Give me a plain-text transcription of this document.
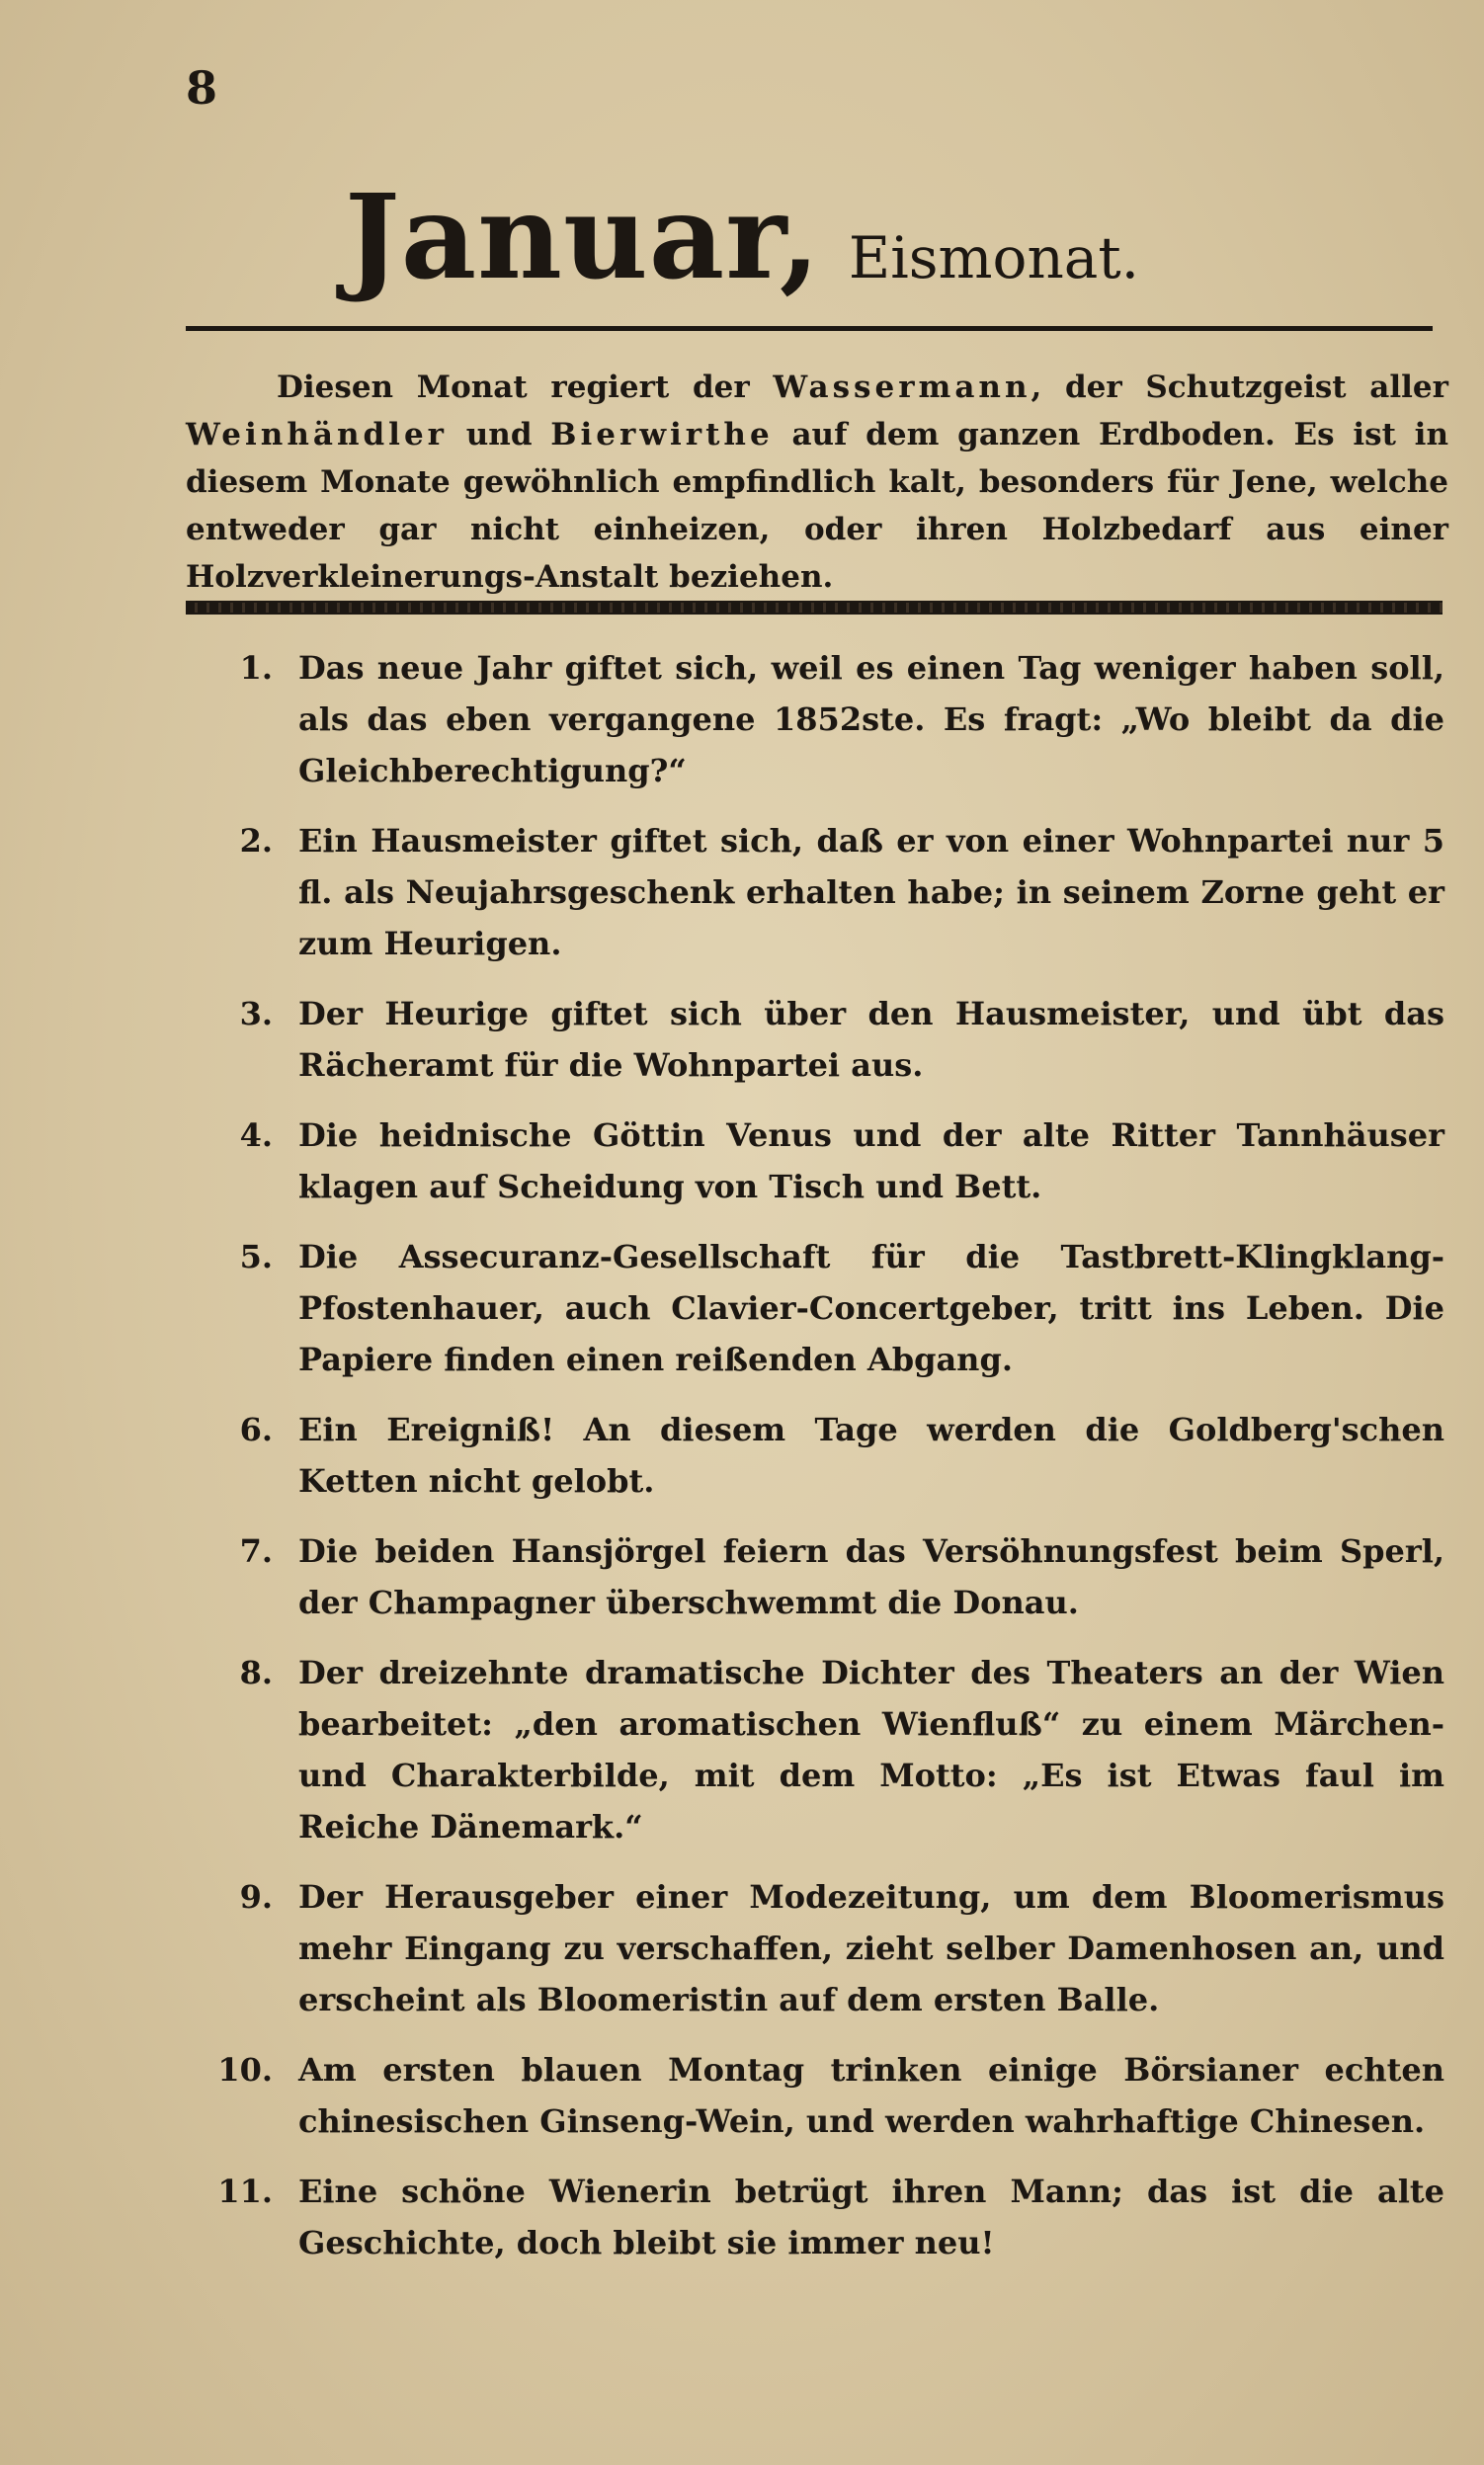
8
Januar, Eismonat.
Diesen Monat regiert der Wassermann, der Schutzgeist aller Weinhändler und Bierwirthe auf dem ganzen Erdboden. Es ist in diesem Monate gewöhnlich empfindlich kalt, besonders für Jene, welche entweder gar nicht einheizen, oder ihren Holzbedarf aus einer Holzverkleinerungs-Anstalt beziehen.
1. Das neue Jahr giftet sich, weil es einen Tag weniger haben soll, als das eben vergangene 1852ste. Es fragt: „Wo bleibt da die Gleichberechtigung?“
2. Ein Hausmeister giftet sich, daß er von einer Wohnpartei nur 5 fl. als Neujahrsgeschenk erhalten habe; in seinem Zorne geht er zum Heurigen.
3. Der Heurige giftet sich über den Hausmeister, und übt das Rächeramt für die Wohnpartei aus.
4. Die heidnische Göttin Venus und der alte Ritter Tannhäuser klagen auf Scheidung von Tisch und Bett.
5. Die Assecuranz-Gesellschaft für die Tastbrett-Klingklang-Pfostenhauer, auch Clavier-Concertgeber, tritt ins Leben. Die Papiere finden einen reißenden Abgang.
6. Ein Ereigniß! An diesem Tage werden die Goldberg'schen Ketten nicht gelobt.
7. Die beiden Hansjörgel feiern das Versöhnungsfest beim Sperl, der Champagner überschwemmt die Donau.
8. Der dreizehnte dramatische Dichter des Theaters an der Wien bearbeitet: „den aromatischen Wienfluß“ zu einem Märchen- und Charakterbilde, mit dem Motto: „Es ist Etwas faul im Reiche Dänemark.“
9. Der Herausgeber einer Modezeitung, um dem Bloomerismus mehr Eingang zu verschaffen, zieht selber Damenhosen an, und erscheint als Bloomeristin auf dem ersten Balle.
10. Am ersten blauen Montag trinken einige Börsianer echten chinesischen Ginseng-Wein, und werden wahrhaftige Chinesen.
11. Eine schöne Wienerin betrügt ihren Mann; das ist die alte Geschichte, doch bleibt sie immer neu!
